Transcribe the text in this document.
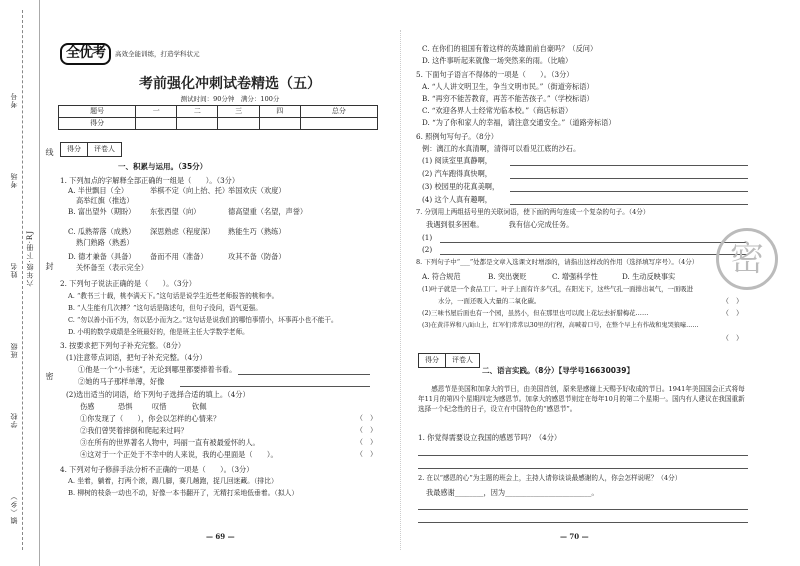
考号
考场
姓名 六年级·下册·RJ
班级
学校
镇（乡）
线
封
密
全优考	高效全能训练，打造学科状元
考前强化冲刺试卷精选（五）
测试时间：90分钟　满分：100分
题号	一	二	三	四	总分
得分					
得分	评卷人
一、积累与运用。（35分）
1. 下列加点的字解释全部正确的一组是（　　）。（3分）
A. 半世飘目（全）	举棋不定（向上抬、托）
举国欢庆（欢度）
高举红旗（推选）
B. 富出望外（期盼） 东张西望（向）	德高望重（名望，声誉）
C. 瓜熟蒂落（成熟） 深思熟虑（程度深） 熟能生巧（熟练）
熟门熟路（熟悉）
D. 德才兼备（具备） 备而不用（准备）	攻其不备（防备）
关怀备至（表示完全）
2. 下列句子说法正确的是（　　）。（3分）
A. “教书三十载，桃李满天下。”这句话是说学生近些老师报答的桃和李。
B. “人生能有几次搏？”这句话是陈述句，但句子没问，语气更强。
C. “勿以善小而不为，勿以恶小而为之。”这句话是说我们的哪怕事情小，坏事再小也不能干。
D. 小明的数学成绩是全班最好的，他是班主任大学数学老师。
3. 按要求把下列句子补充完整。（8分）
(1)注意带点词语，把句子补充完整。（4分）
①他是一个“小书迷”，无论到哪里都要捧着书看。
②她的马子那样单薄，好像
(2)选出适当的词语，给下列句子选择合适的填上。（4分）
伤感	恐惧	叹惜	钦佩
①你发现了（　　），你会以怎样的心情来？
②我们曾哭着摔倒和爬起来过吗？
③在所有的世界著名人物中，玛丽一直有被最爱怀的人。
④这对于一个正处于不幸中的人来说，我的心里面是（　　）。
（　）
（　）
（　）
（　）
4. 下列对句子修辞手法分析不正确的一项是（　　）。（3分）
A. 坐着，躺着，打两个滚，踢几脚，赛几趟跑，捉几回迷藏。（排比）
B. 柳树的枝条一动也不动，好像一本书翻开了，无精打采地低垂着。（拟人）
— 69 —
C. 在你们的祖国有着这样的英雄面前自豪吗？（反问）
D. 这件事听起来就像一场突然来的雨。（比喻）
5. 下面句子语言不得体的一项是（　　）。（3分）
A. “人人讲文明卫生，争当文明市民。”（街道旁标语）
B. “再穷不能苦教育，再苦不能苦孩子。”（学校标语）
C. “欢迎各界人士经常光临本校。”（商店标语）
D. “为了你和家人的幸福，请注意交通安全。”（道路旁标语）
6. 照例句写句子。（8分）
例：漓江的水真清啊，清得可以看见江底的沙石。
(1) 阅读室里真静啊，
(2) 汽车跑得真快啊，
(3) 校园里的花真美啊，
(4) 这个人真有趣啊，
7. 分别用上两组括号里的关联词语，使下面的两句连成一个复杂的句子。（4分）
我遇到很多困难。　　　　我有信心完成任务。
(1)
(2)	密
8. 下列句子中“___”处都是文章入选课文时增添的，请指出这样改的作用（选择填写序号）。（4分）
A. 符合规范	B. 突出褒贬	C. 增强科学性	D. 生动反映事实
(1)叶子就是一个食品工厂。叶子上面有许多气孔，在阳光下，这些气孔一面排出氧气，一面吸进
水分，一面还吸入大量的二氧化碳。
(2)三味书屋后面也有一个园，虽然小，但在那里也可以爬上花坛去折腊梅花……
(3)在黄洋界和八面山上，红军们常常以30里的行程，高喊着口号，在整个早上有作战和鬼哭狼嚎……
（　）
（　）
（　）
得分	评卷人
二、语言实践。（8分）【导学号16630039】
感恩节是美国和加拿大的节日，由美国首创，原来是感谢上天赐予好收成的节日。1941年美国国会正式将每年11月的第四个星期四定为感恩节。加拿大的感恩节则定在每年10月的第二个星期一。国内有人建议在我国重新选择一个纪念性的日子，设立有中国特色的“感恩节”。
1. 你觉得需要设立我国的感恩节吗？（4分）
2. 在以“感恩的心”为主题的班会上，主持人请你谈谈最感谢的人，你会怎样说呢？（4分）
我最感谢________，因为________________________。
— 70 —
